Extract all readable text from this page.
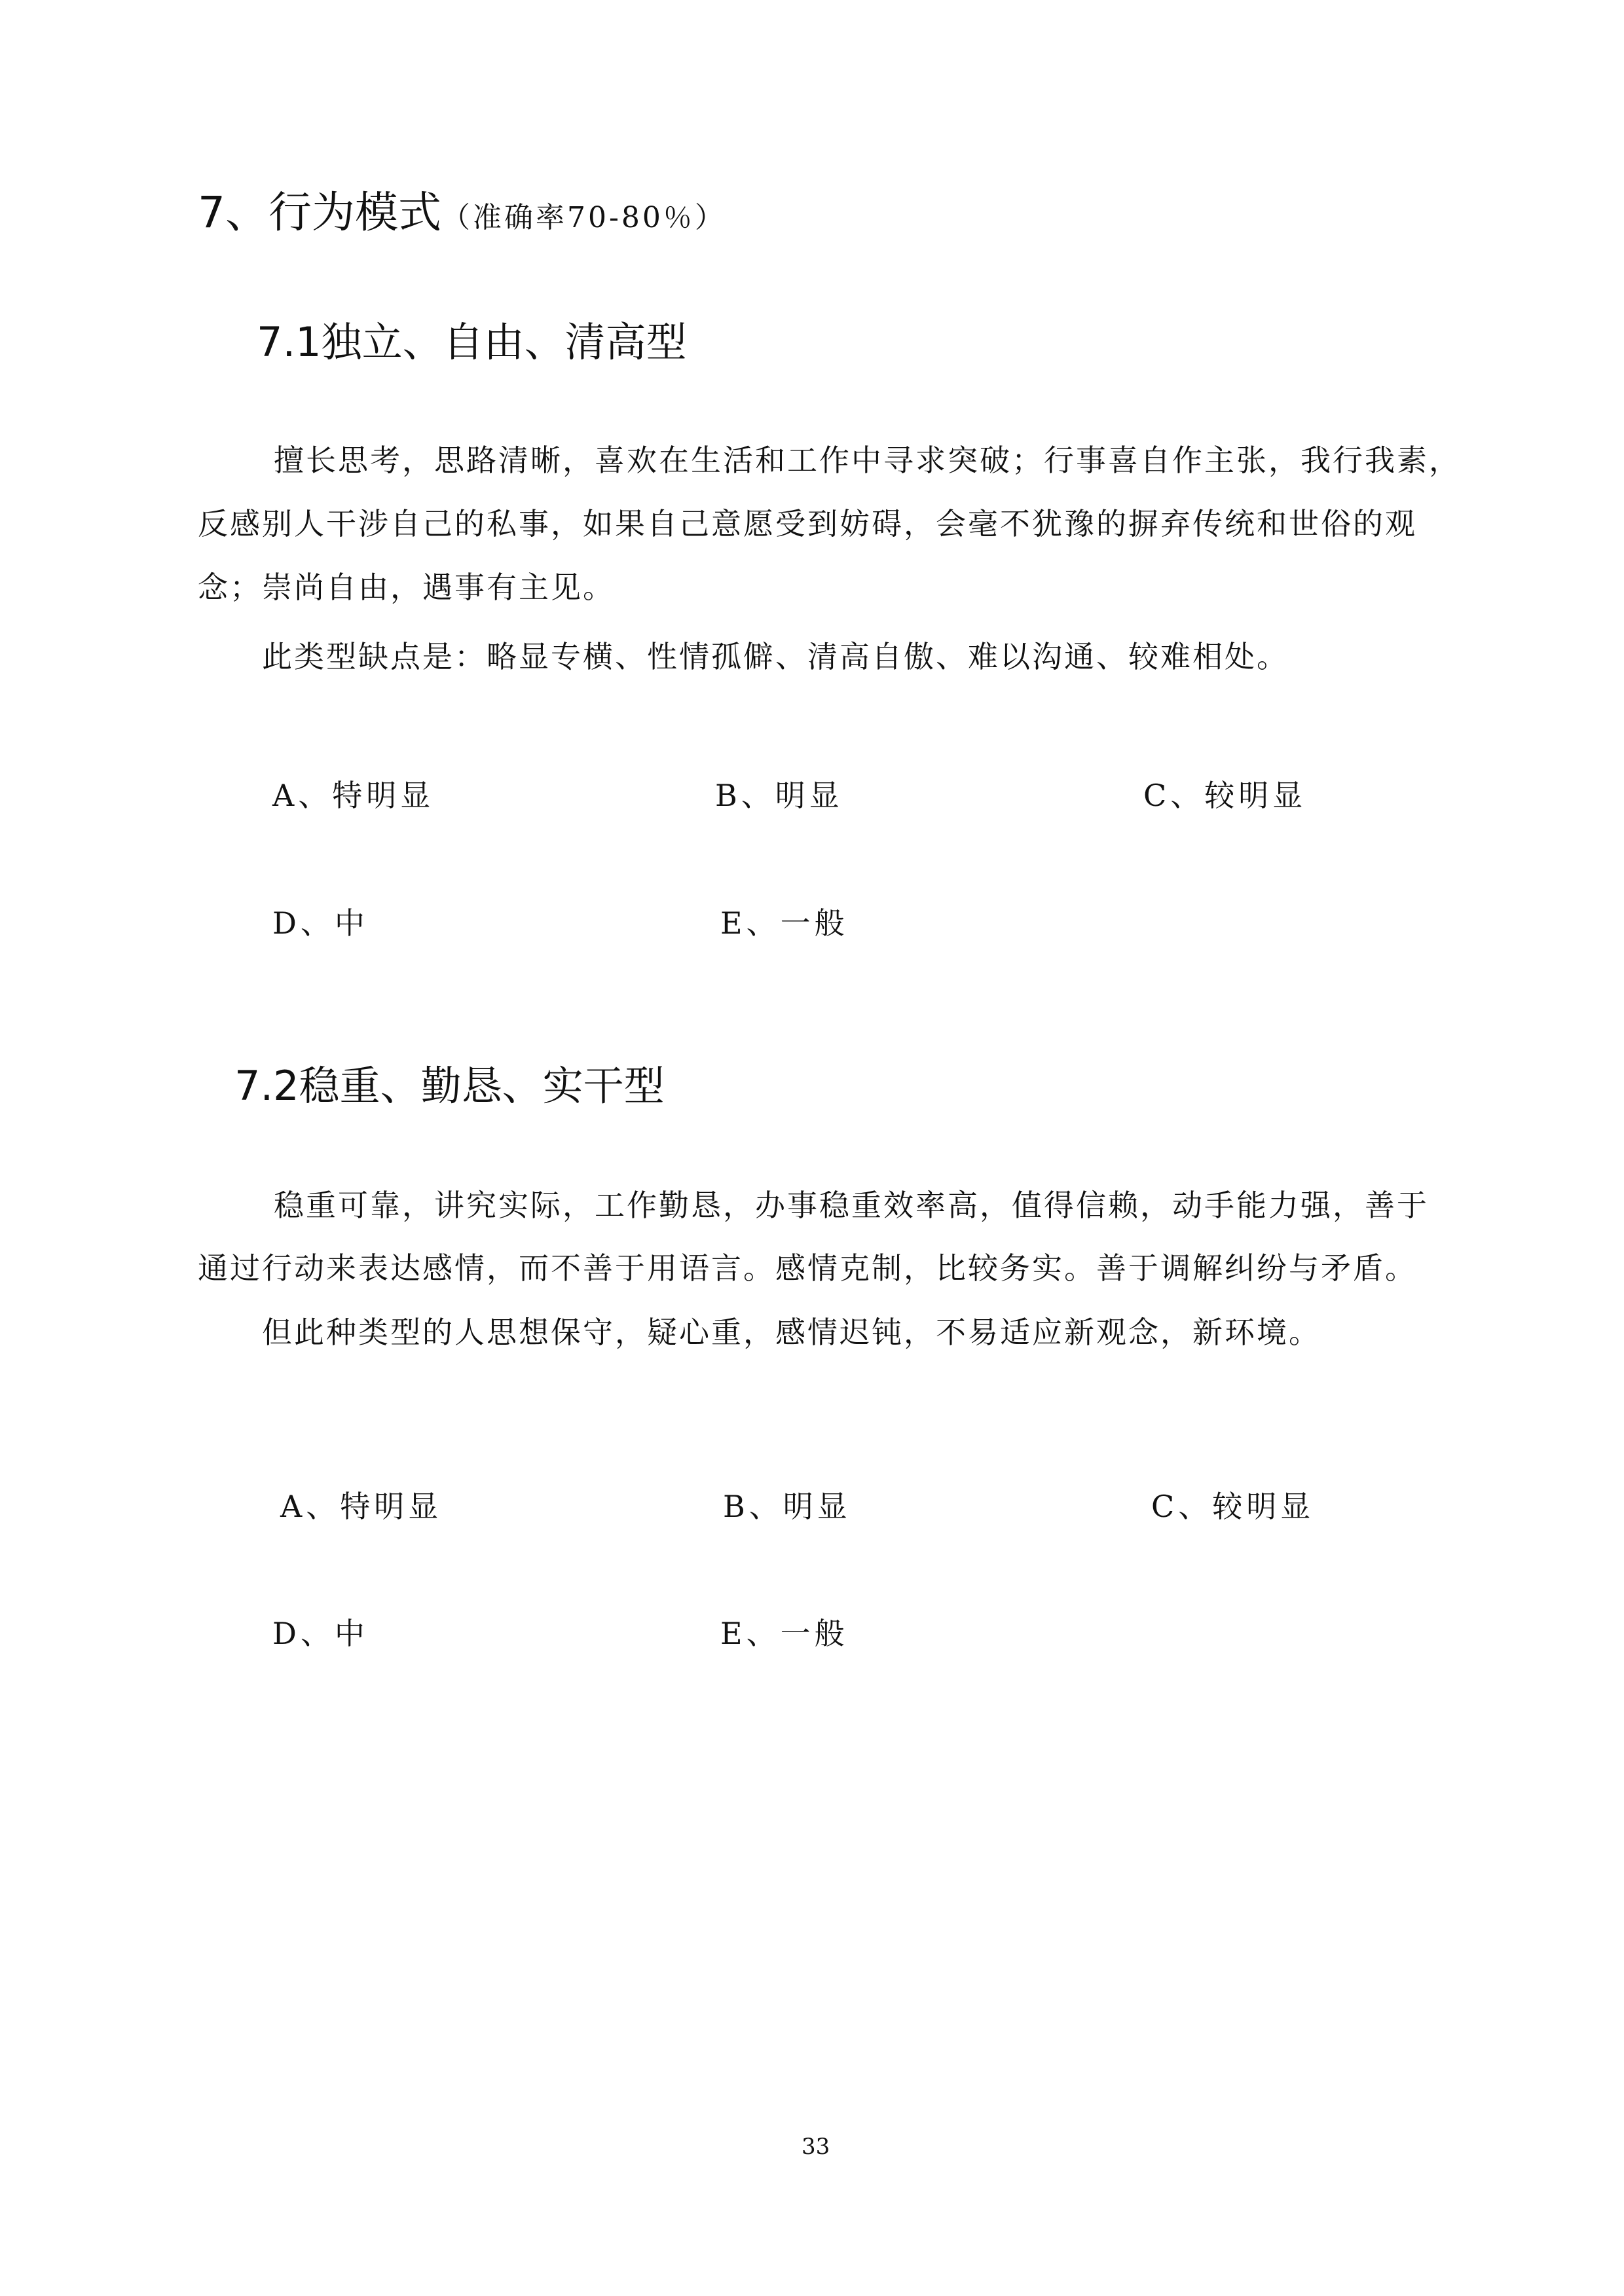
7、行为模式（准确率70-80％）
7.1独立、自由、清高型
擅长思考，思路清晰，喜欢在生活和工作中寻求突破；行事喜自作主张，我行我素，
反感别人干涉自己的私事，如果自己意愿受到妨碍，会毫不犹豫的摒弃传统和世俗的观
念；崇尚自由，遇事有主见。
此类型缺点是：略显专横、性情孤僻、清高自傲、难以沟通、较难相处。
A、特明显	B、明显	C、较明显
D、中	E、一般
7.2稳重、勤恳、实干型
稳重可靠，讲究实际，工作勤恳，办事稳重效率高，值得信赖，动手能力强，善于
通过行动来表达感情，而不善于用语言。感情克制，比较务实。善于调解纠纷与矛盾。
但此种类型的人思想保守，疑心重，感情迟钝，不易适应新观念，新环境。
A、特明显	B、明显	C、较明显
D、中	E、一般
33
